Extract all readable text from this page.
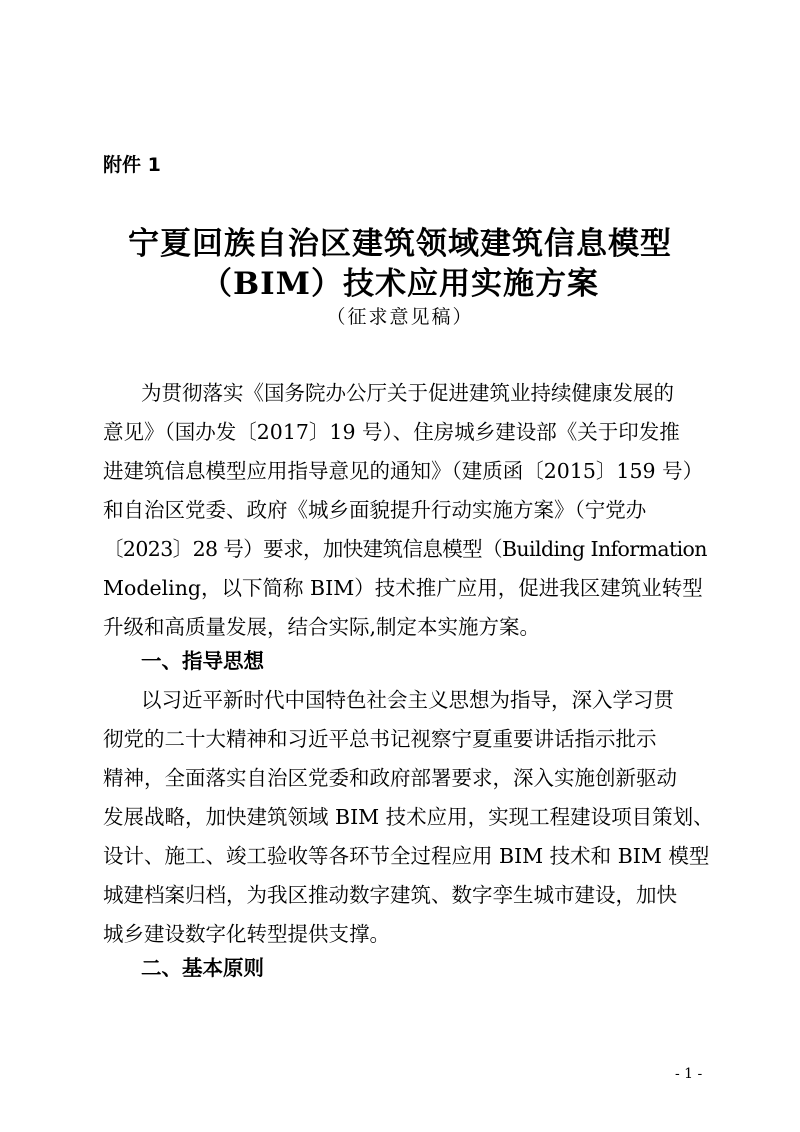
附件 1
宁夏回族自治区建筑领域建筑信息模型
（BIM）技术应用实施方案
（征求意见稿）
为贯彻落实《国务院办公厅关于促进建筑业持续健康发展的
意见》（国办发〔2017〕19 号）、住房城乡建设部《关于印发推
进建筑信息模型应用指导意见的通知》（建质函〔2015〕159 号）
和自治区党委、政府《城乡面貌提升行动实施方案》（宁党办
〔2023〕28 号）要求，加快建筑信息模型（Building Information
Modeling，以下简称 BIM）技术推广应用，促进我区建筑业转型
升级和高质量发展，结合实际,制定本实施方案。
一、指导思想
以习近平新时代中国特色社会主义思想为指导，深入学习贯
彻党的二十大精神和习近平总书记视察宁夏重要讲话指示批示
精神，全面落实自治区党委和政府部署要求，深入实施创新驱动
发展战略，加快建筑领域 BIM 技术应用，实现工程建设项目策划、
设计、施工、竣工验收等各环节全过程应用 BIM 技术和 BIM 模型
城建档案归档，为我区推动数字建筑、数字孪生城市建设，加快
城乡建设数字化转型提供支撑。
二、基本原则
- 1 -
